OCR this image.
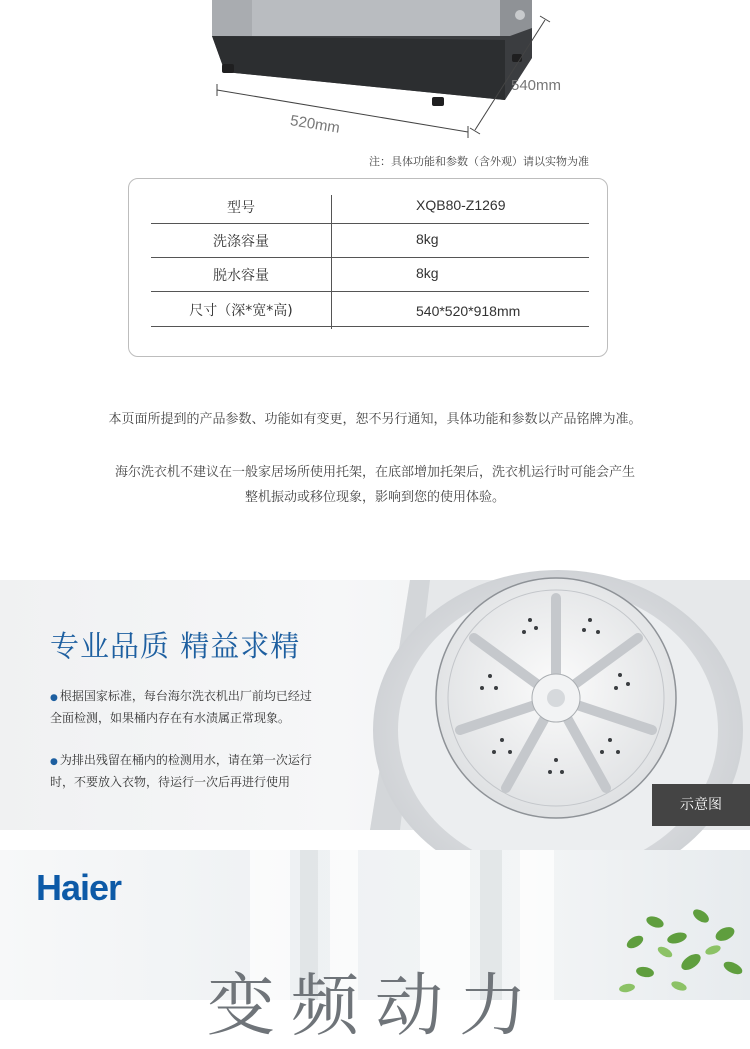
540mm
520mm
注：具体功能和参数（含外观）请以实物为准
型号	XQB80-Z1269
洗涤容量	8kg
脱水容量	8kg
尺寸（深*宽*高)	540*520*918mm
本页面所提到的产品参数、功能如有变更，恕不另行通知，具体功能和参数以产品铭牌为准。
海尔洗衣机不建议在一般家居场所使用托架，在底部增加托架后，洗衣机运行时可能会产生
整机振动或移位现象，影响到您的使用体验。
专业品质 精益求精
● 根据国家标准，每台海尔洗衣机出厂前均已经过
全面检测，如果桶内存在有水渍属正常现象。
● 为排出残留在桶内的检测用水，请在第一次运行
时，不要放入衣物，待运行一次后再进行使用
示意图
Haier
变频动力
